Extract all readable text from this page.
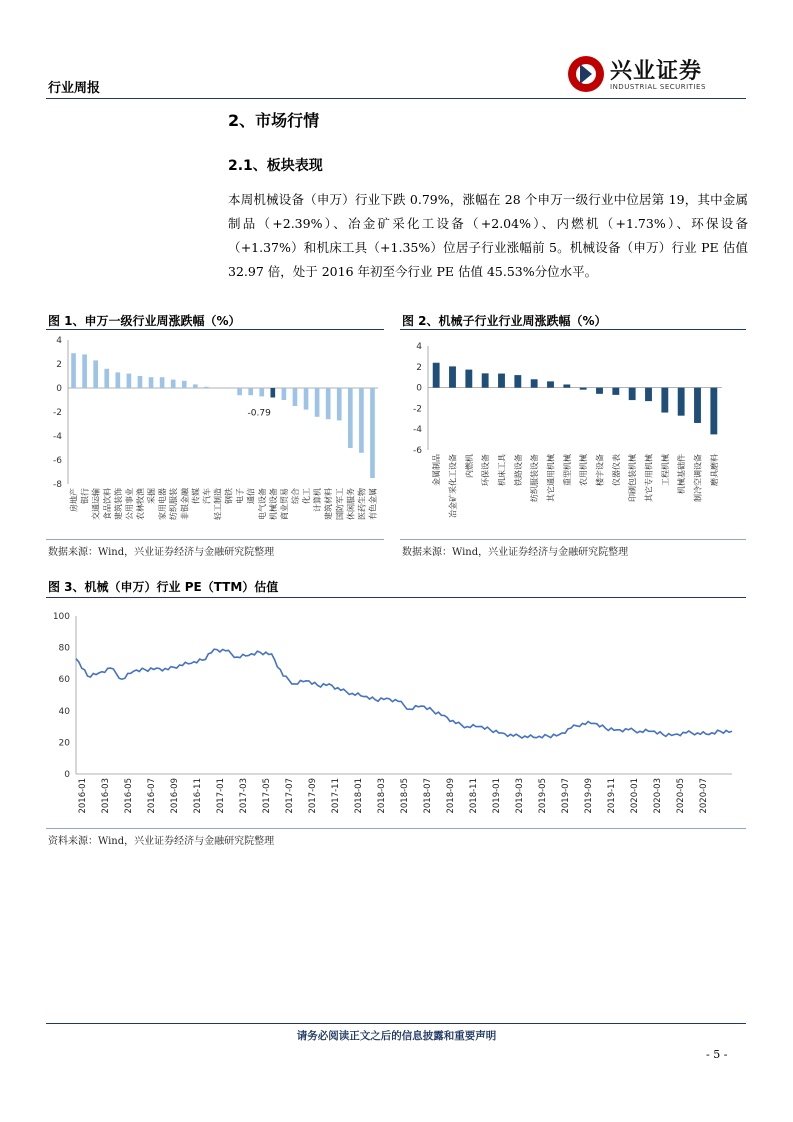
行业周报
兴业证券
INDUSTRIAL SECURITIES
2、市场行情
2.1、板块表现
本周机械设备（申万）行业下跌 0.79%，涨幅在 28 个申万一级行业中位居第 19，其中金属制品（+2.39%）、冶金矿采化工设备（+2.04%）、内燃机（+1.73%）、环保设备（+1.37%）和机床工具（+1.35%）位居子行业涨幅前 5。机械设备（申万）行业 PE 估值 32.97 倍，处于 2016 年初至今行业 PE 估值 45.53%分位水平。
图 1、申万一级行业周涨跌幅（%）
-8
-6
-4
-2
0
2
4
房地产 银行 交通运输 食品饮料 建筑装饰 公用事业 农林牧渔 采掘 家用电器 纺织服装 非银金融 传媒 汽车 轻工制造 钢铁 电子 通信 电气设备 机械设备
-0.79
商业贸易 综合 化工 计算机 建筑材料 国防军工 休闲服务 医药生物 有色金属
数据来源：Wind，兴业证券经济与金融研究院整理
图 2、机械子行业行业周涨跌幅（%）
-6
-4
-2
0
2
4
金属制品 冶金矿采化工设备 内燃机 环保设备 机床工具 铁路设备 纺织服装设备 其它通用机械 重型机械 农用机械 楼宇设备 仪器仪表 印刷包装机械 其它专用机械 工程机械 机械基础件 制冷空调设备 磨具磨料
数据来源：Wind，兴业证券经济与金融研究院整理
图 3、机械（申万）行业 PE（TTM）估值
0
20
40
60
80
100
2016-01 2016-03 2016-05 2016-07 2016-09 2016-11 2017-01 2017-03 2017-05 2017-07 2017-09 2017-11 2018-01 2018-03 2018-05 2018-07 2018-09 2018-11 2019-01 2019-03 2019-05 2019-07 2019-09 2019-11 2020-01 2020-03 2020-05 2020-07
资料来源：Wind，兴业证券经济与金融研究院整理
请务必阅读正文之后的信息披露和重要声明
- 5 -
